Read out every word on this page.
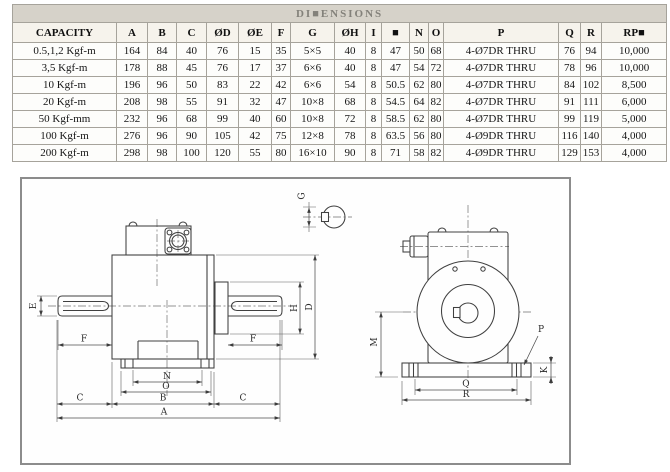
DI■ENSIONS																
CAPACITY	A	B	C	ØD	ØE	F	G	ØH	I	■	N	O	P	Q	R	RP■
0.5,1,2 Kgf-m	164	84	40	76	15	35	5×5	40	8	47	50	68	4-Ø7DR THRU	76	94	10,000
3,5 Kgf-m	178	88	45	76	17	37	6×6	40	8	47	54	72	4-Ø7DR THRU	78	96	10,000
10 Kgf-m	196	96	50	83	22	42	6×6	54	8	50.5	62	80	4-Ø7DR THRU	84	102	8,500
20 Kgf-m	208	98	55	91	32	47	10×8	68	8	54.5	64	82	4-Ø7DR THRU	91	111	6,000
50 Kgf-mm	232	96	68	99	40	60	10×8	72	8	58.5	62	80	4-Ø7DR THRU	99	119	5,000
100 Kgf-m	276	96	90	105	42	75	12×8	78	8	63.5	56	80	4-Ø9DR THRU	116	140	4,000
200 Kgf-m	298	98	100	120	55	80	16×10	90	8	71	58	82	4-Ø9DR THRU	129	153	4,000
E
F	F
H D
N
O
B
C	C
A
G
M
P
K
Q
R
